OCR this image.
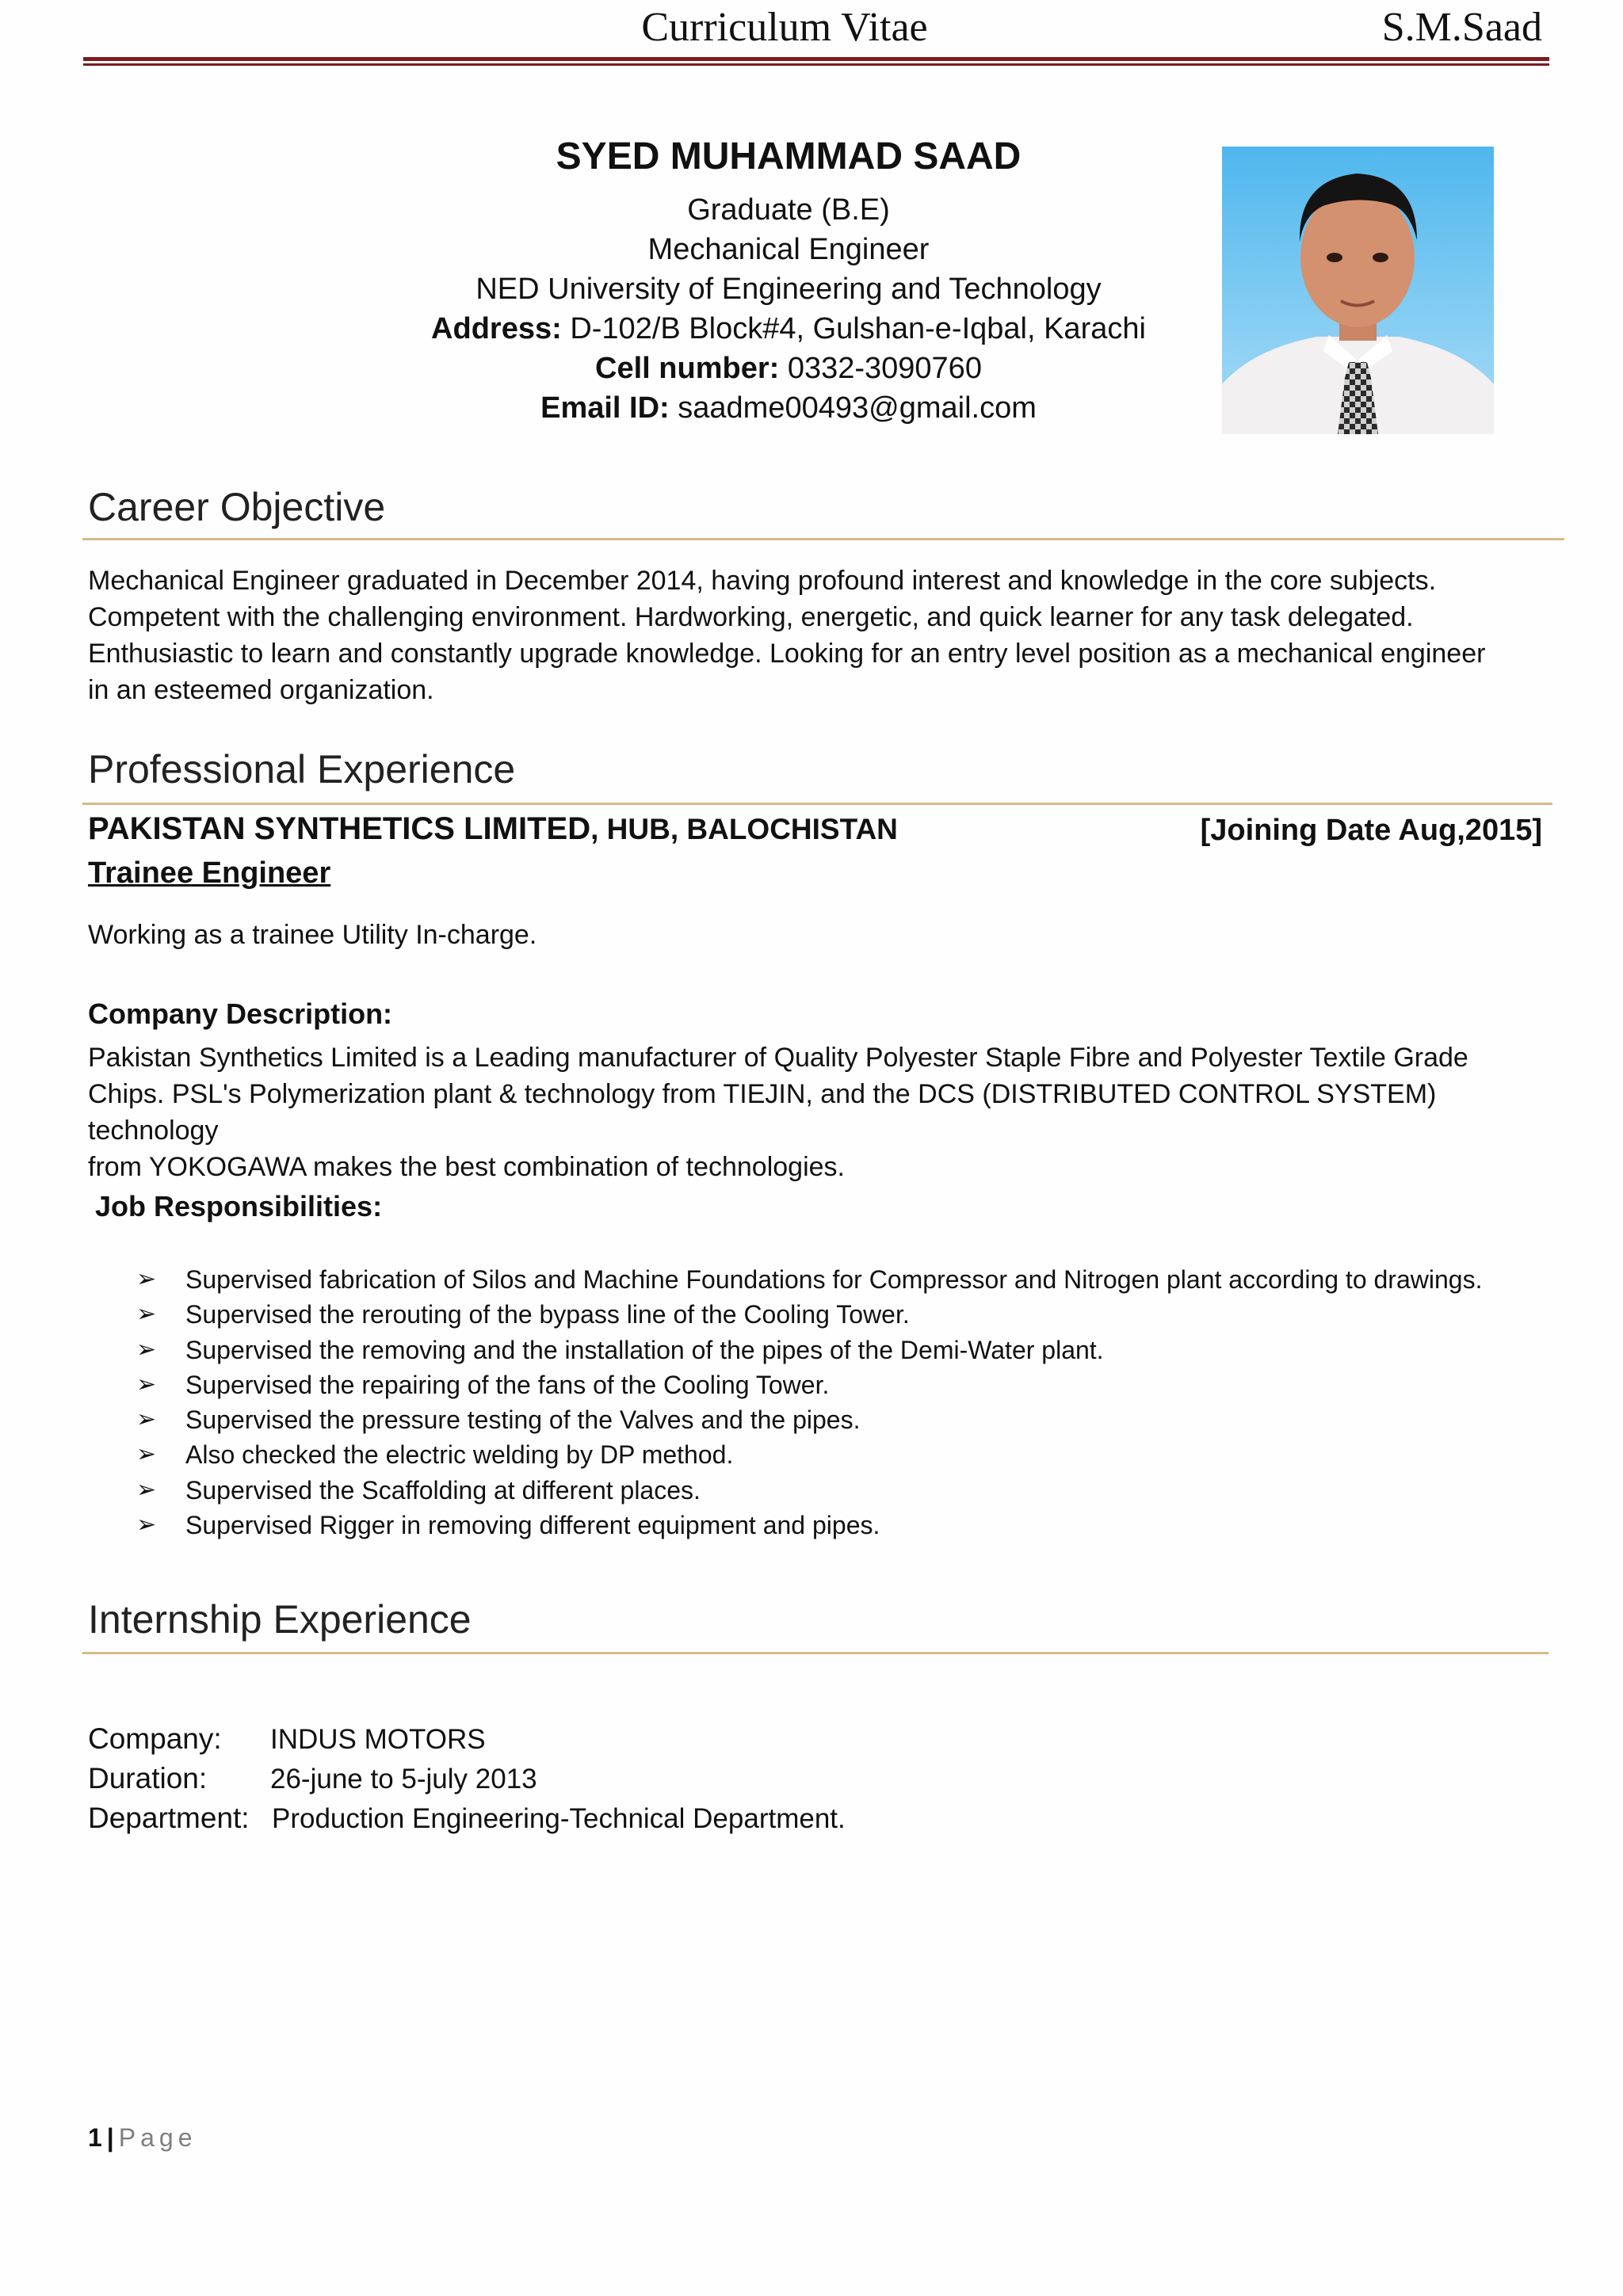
Curriculum Vitae	S.M.Saad
SYED MUHAMMAD SAAD
Graduate (B.E)
Mechanical Engineer
NED University of Engineering and Technology
Address: D-102/B Block#4, Gulshan-e-Iqbal, Karachi
Cell number: 0332-3090760
Email ID: saadme00493@gmail.com
Career Objective
Mechanical Engineer graduated in December 2014, having profound interest and knowledge in the core subjects.
Competent with the challenging environment. Hardworking, energetic, and quick learner for any task delegated.
Enthusiastic to learn and constantly upgrade knowledge. Looking for an entry level position as a mechanical engineer
in an esteemed organization.
Professional Experience
PAKISTAN SYNTHETICS LIMITED, HUB, BALOCHISTAN	[Joining Date Aug,2015]
Trainee Engineer
Working as a trainee Utility In-charge.
Company Description:
Pakistan Synthetics Limited is a Leading manufacturer of Quality Polyester Staple Fibre and Polyester Textile Grade
Chips. PSL's Polymerization plant & technology from TIEJIN, and the DCS (DISTRIBUTED CONTROL SYSTEM) technology
from YOKOGAWA makes the best combination of technologies.
Job Responsibilities:
➢ Supervised fabrication of Silos and Machine Foundations for Compressor and Nitrogen plant according to drawings.
➢ Supervised the rerouting of the bypass line of the Cooling Tower.
➢ Supervised the removing and the installation of the pipes of the Demi-Water plant.
➢ Supervised the repairing of the fans of the Cooling Tower.
➢ Supervised the pressure testing of the Valves and the pipes.
➢ Also checked the electric welding by DP method.
➢ Supervised the Scaffolding at different places.
➢ Supervised Rigger in removing different equipment and pipes.
Internship Experience
Company: INDUS MOTORS
Duration: 26-june to 5-july 2013
Department: Production Engineering-Technical Department.
1 | Page
